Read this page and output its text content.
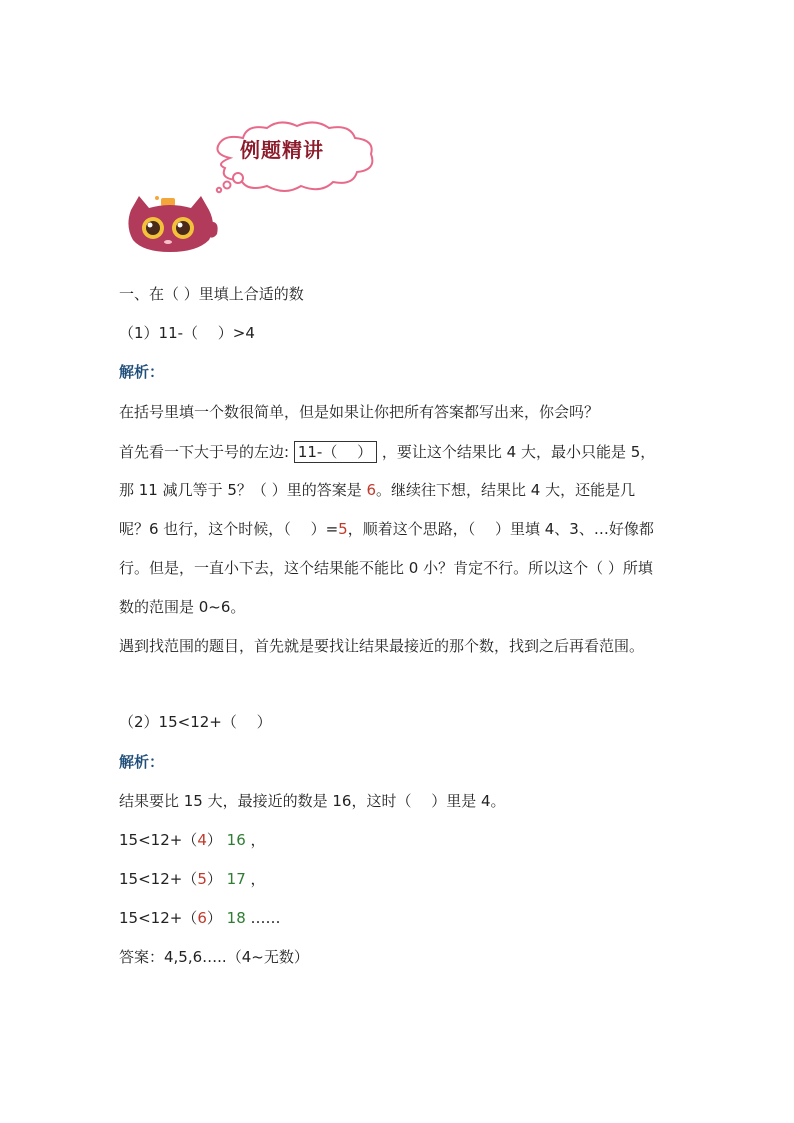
例题精讲
一、在（ ）里填上合适的数
（1）11-（　 ）>4
解析：
在括号里填一个数很简单，但是如果让你把所有答案都写出来，你会吗？
首先看一下大于号的左边: 11-（　 ） ，要让这个结果比 4 大，最小只能是 5，
那 11 减几等于 5？（ ）里的答案是 6。继续往下想，结果比 4 大，还能是几
呢？6 也行，这个时候，（　 ）=5，顺着这个思路，（　 ）里填 4、3、…好像都
行。但是，一直小下去，这个结果能不能比 0 小？肯定不行。所以这个（ ）所填
数的范围是 0~6。
遇到找范围的题目，首先就是要找让结果最接近的那个数，找到之后再看范围。
（2）15<12+（　 ）
解析：
结果要比 15 大，最接近的数是 16，这时（　 ）里是 4。
15<12+（4） 16 ，
15<12+（5） 17 ，
15<12+（6） 18 ……
答案：4,5,6…..（4~无数）
